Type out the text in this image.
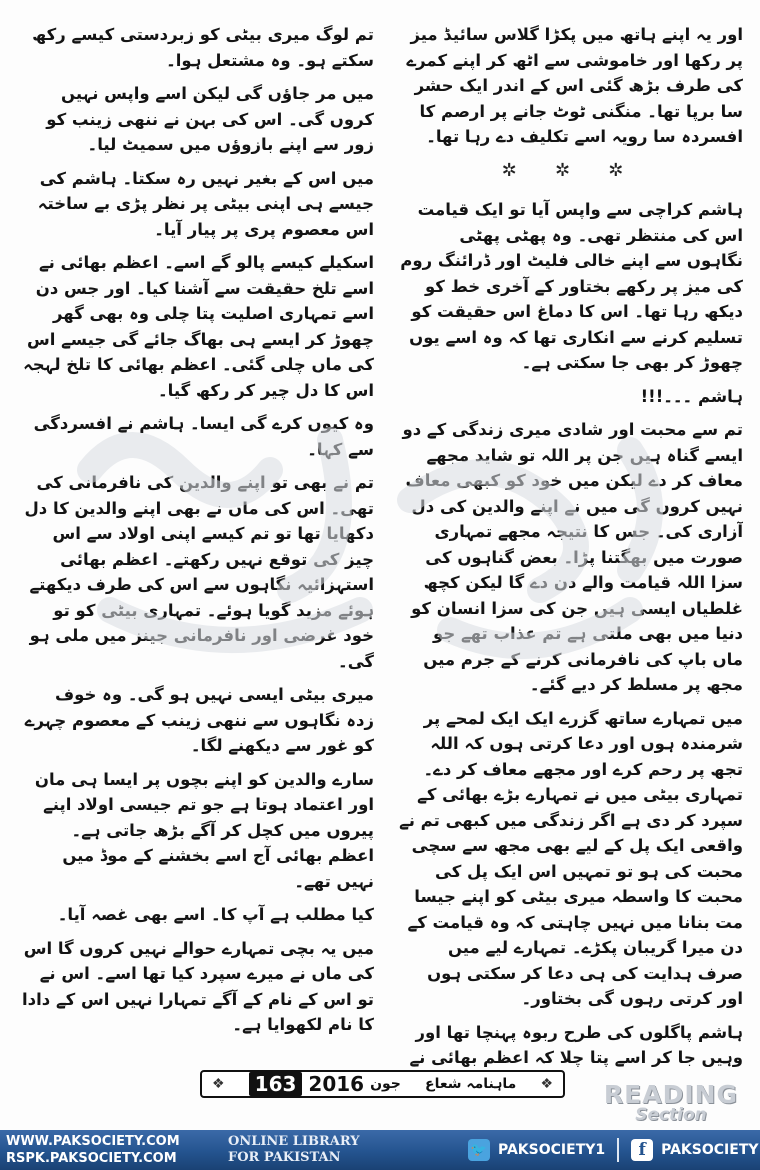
اور یہ اپنے ہاتھ میں پکڑا گلاس سائیڈ میز پر رکھا اور خاموشی سے اٹھ کر اپنے کمرے کی طرف بڑھ گئی اس کے اندر ایک حشر سا برپا تھا۔ منگنی ٹوٹ جانے پر ارصم کا افسردہ سا رویہ اسے تکلیف دے رہا تھا۔

✲ ✲ ✲

ہاشم کراچی سے واپس آیا تو ایک قیامت اس کی منتظر تھی۔ وہ پھٹی پھٹی نگاہوں سے اپنے خالی فلیٹ اور ڈرائنگ روم کی میز پر رکھے بختاور کے آخری خط کو دیکھ رہا تھا۔ اس کا دماغ اس حقیقت کو تسلیم کرنے سے انکاری تھا کہ وہ اسے یوں چھوڑ کر بھی جا سکتی ہے۔

ہاشم ۔۔۔!!!

تم سے محبت اور شادی میری زندگی کے دو ایسے گناہ ہیں جن پر اللہ تو شاید مجھے معاف کر دے لیکن میں خود کو کبھی معاف نہیں کروں گی میں نے اپنے والدین کی دل آزاری کی۔ جس کا نتیجہ مجھے تمہاری صورت میں بھگتنا پڑا۔ بعض گناہوں کی سزا اللہ قیامت والے دن دے گا لیکن کچھ غلطیاں ایسی ہیں جن کی سزا انسان کو دنیا میں بھی ملتی ہے تم عذاب تھے جو ماں باپ کی نافرمانی کرنے کے جرم میں مجھ پر مسلط کر دیے گئے۔

میں تمہارے ساتھ گزرے ایک ایک لمحے پر شرمندہ ہوں اور دعا کرتی ہوں کہ اللہ تجھ پر رحم کرے اور مجھے معاف کر دے۔ تمہاری بیٹی میں نے تمہارے بڑے بھائی کے سپرد کر دی ہے اگر زندگی میں کبھی تم نے واقعی ایک پل کے لیے بھی مجھ سے سچی محبت کی ہو تو تمہیں اس ایک پل کی محبت کا واسطہ میری بیٹی کو اپنے جیسا مت بنانا میں نہیں چاہتی کہ وہ قیامت کے دن میرا گریبان پکڑے۔ تمہارے لیے میں صرف ہدایت کی ہی دعا کر سکتی ہوں اور کرتی رہوں گی بختاور۔

ہاشم پاگلوں کی طرح ربوہ پہنچا تھا اور وہیں جا کر اسے پتا چلا کہ اعظم بھائی نے

تم لوگ میری بیٹی کو زبردستی کیسے رکھ سکتے ہو۔ وہ مشتعل ہوا۔

میں مر جاؤں گی لیکن اسے واپس نہیں کروں گی۔ اس کی بہن نے ننھی زینب کو زور سے اپنے بازوؤں میں سمیٹ لیا۔

میں اس کے بغیر نہیں رہ سکتا۔ ہاشم کی جیسے ہی اپنی بیٹی پر نظر پڑی بے ساختہ اس معصوم پری پر پیار آیا۔

اسکیلے کیسے پالو گے اسے۔ اعظم بھائی نے اسے تلخ حقیقت سے آشنا کیا۔ اور جس دن اسے تمہاری اصلیت پتا چلی وہ بھی گھر چھوڑ کر ایسے ہی بھاگ جائے گی جیسے اس کی ماں چلی گئی۔ اعظم بھائی کا تلخ لہجہ اس کا دل چیر کر رکھ گیا۔

وہ کیوں کرے گی ایسا۔ ہاشم نے افسردگی سے کہا۔

تم نے بھی تو اپنے والدین کی نافرمانی کی تھی۔ اس کی ماں نے بھی اپنے والدین کا دل دکھایا تھا تو تم کیسے اپنی اولاد سے اس چیز کی توقع نہیں رکھتے۔ اعظم بھائی استہزائیہ نگاہوں سے اس کی طرف دیکھتے ہوئے مزید گویا ہوئے۔ تمہاری بیٹی کو تو خود غرضی اور نافرمانی جینز میں ملی ہو گی۔

میری بیٹی ایسی نہیں ہو گی۔ وہ خوف زدہ نگاہوں سے ننھی زینب کے معصوم چہرے کو غور سے دیکھنے لگا۔

سارے والدین کو اپنے بچوں پر ایسا ہی مان اور اعتماد ہوتا ہے جو تم جیسی اولاد اپنے پیروں میں کچل کر آگے بڑھ جاتی ہے۔ اعظم بھائی آج اسے بخشنے کے موڈ میں نہیں تھے۔

کیا مطلب ہے آپ کا۔ اسے بھی غصہ آیا۔

میں یہ بچی تمہارے حوالے نہیں کروں گا اس کی ماں نے میرے سپرد کیا تھا اسے۔ اس نے تو اس کے نام کے آگے تمہارا نہیں اس کے دادا کا نام لکھوایا ہے۔

❖	163 2016 جون ماہنامہ شعاع ❖	READING
Section
WWW.PAKSOCIETY.COM
RSPK.PAKSOCIETY.COM
ONLINE LIBRARY
FOR PAKISTAN	🐦 PAKSOCIETY1	f	PAKSOCIETY
